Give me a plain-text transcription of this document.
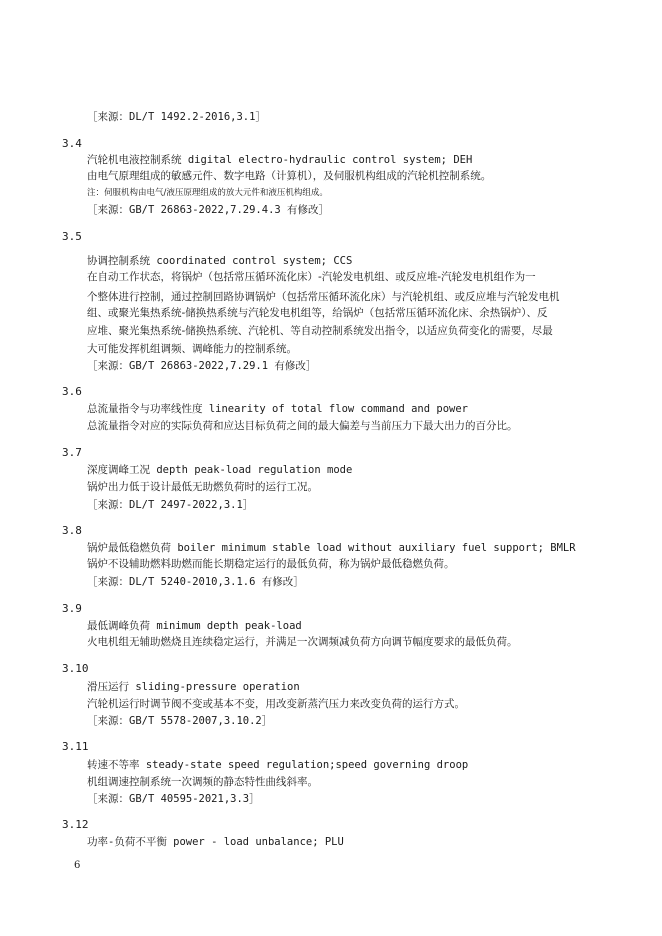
［来源：DL/T 1492.2-2016,3.1］
3.4
汽轮机电液控制系统 digital electro-hydraulic control system; DEH
由电气原理组成的敏感元件、数字电路（计算机），及伺服机构组成的汽轮机控制系统。
注：伺服机构由电气/液压原理组成的放大元件和液压机构组成。
［来源：GB/T 26863-2022,7.29.4.3 有修改］
3.5
协调控制系统 coordinated control system; CCS
在自动工作状态，将锅炉（包括常压循环流化床）-汽轮发电机组、或反应堆-汽轮发电机组作为一
个整体进行控制，通过控制回路协调锅炉（包括常压循环流化床）与汽轮机组、或反应堆与汽轮发电机
组、或聚光集热系统-储换热系统与汽轮发电机组等，给锅炉（包括常压循环流化床、余热锅炉）、反
应堆、聚光集热系统-储换热系统、汽轮机、等自动控制系统发出指令，以适应负荷变化的需要，尽最
大可能发挥机组调频、调峰能力的控制系统。
［来源：GB/T 26863-2022,7.29.1 有修改］
3.6
总流量指令与功率线性度 linearity of total flow command and power
总流量指令对应的实际负荷和应达目标负荷之间的最大偏差与当前压力下最大出力的百分比。
3.7
深度调峰工况 depth peak-load regulation mode
锅炉出力低于设计最低无助燃负荷时的运行工况。
［来源：DL/T 2497-2022,3.1］
3.8
锅炉最低稳燃负荷 boiler minimum stable load without auxiliary fuel support; BMLR
锅炉不设辅助燃料助燃而能长期稳定运行的最低负荷，称为锅炉最低稳燃负荷。
［来源：DL/T 5240-2010,3.1.6 有修改］
3.9
最低调峰负荷 minimum depth peak-load
火电机组无辅助燃烧且连续稳定运行，并满足一次调频减负荷方向调节幅度要求的最低负荷。
3.10
滑压运行 sliding-pressure operation
汽轮机运行时调节阀不变或基本不变，用改变新蒸汽压力来改变负荷的运行方式。
［来源：GB/T 5578-2007,3.10.2］
3.11
转速不等率 steady-state speed regulation;speed governing droop
机组调速控制系统一次调频的静态特性曲线斜率。
［来源：GB/T 40595-2021,3.3］
3.12
功率-负荷不平衡 power - load unbalance; PLU
6
